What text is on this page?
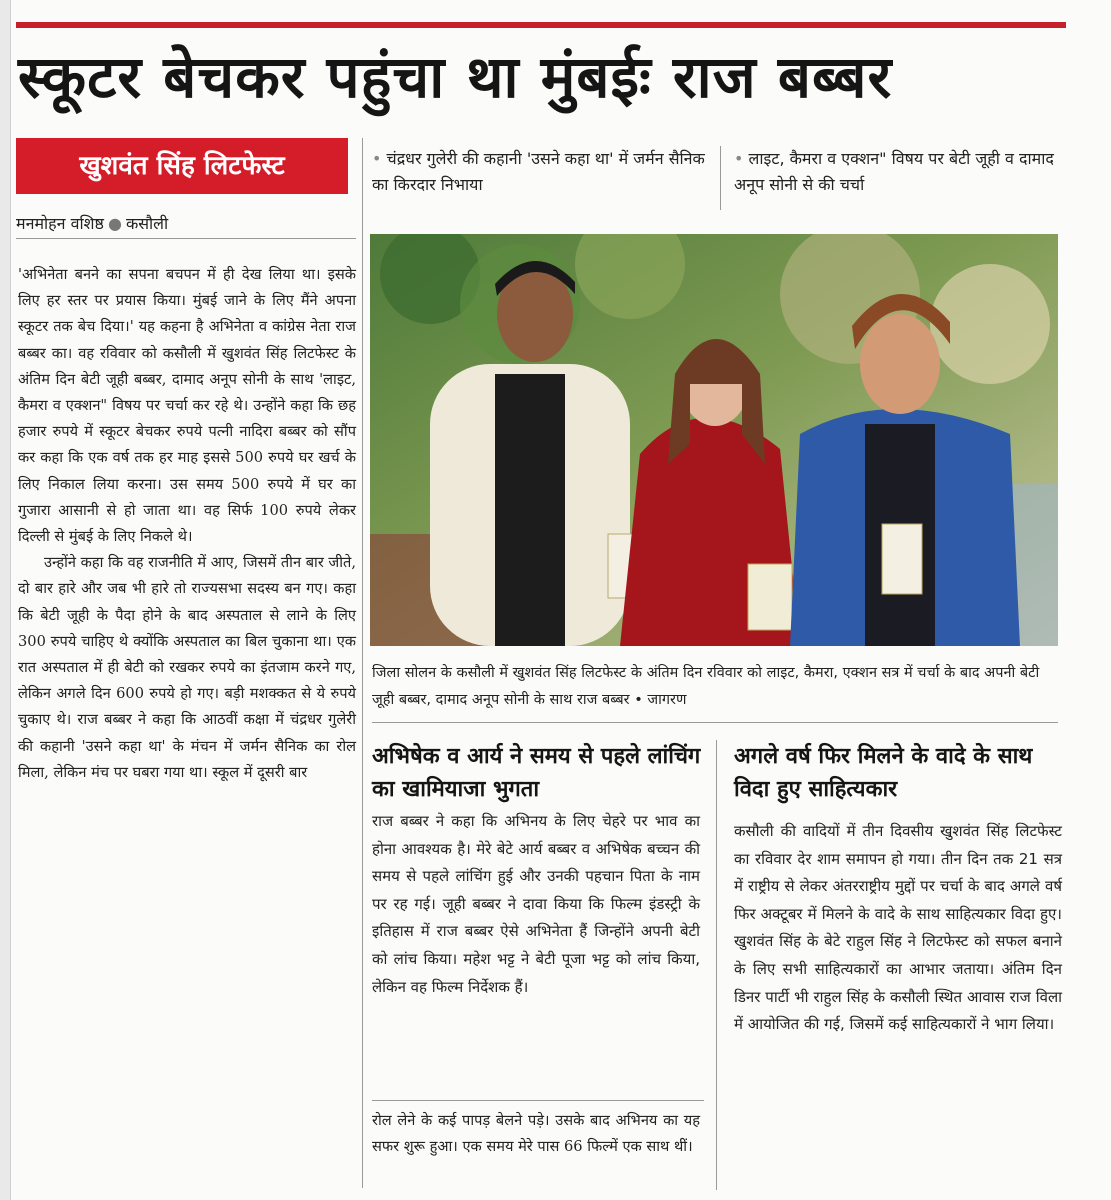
स्कूटर बेचकर पहुंचा था मुंबईः राज बब्बर
खुशवंत सिंह लिटफेस्ट
मनमोहन वशिष्ठ ● कसौली

'अभिनेता बनने का सपना बचपन में ही देख लिया था। इसके लिए हर स्तर पर प्रयास किया। मुंबई जाने के लिए मैंने अपना स्कूटर तक बेच दिया।' यह कहना है अभिनेता व कांग्रेस नेता राज बब्बर का। वह रविवार को कसौली में खुशवंत सिंह लिटफेस्ट के अंतिम दिन बेटी जूही बब्बर, दामाद अनूप सोनी के साथ 'लाइट, कैमरा व एक्शन" विषय पर चर्चा कर रहे थे। उन्होंने कहा कि छह हजार रुपये में स्कूटर बेचकर रुपये पत्नी नादिरा बब्बर को सौंप कर कहा कि एक वर्ष तक हर माह इससे 500 रुपये घर खर्च के लिए निकाल लिया करना। उस समय 500 रुपये में घर का गुजारा आसानी से हो जाता था। वह सिर्फ 100 रुपये लेकर दिल्ली से मुंबई के लिए निकले थे।

उन्होंने कहा कि वह राजनीति में आए, जिसमें तीन बार जीते, दो बार हारे और जब भी हारे तो राज्यसभा सदस्य बन गए। कहा कि बेटी जूही के पैदा होने के बाद अस्पताल से लाने के लिए 300 रुपये चाहिए थे क्योंकि अस्पताल का बिल चुकाना था। एक रात अस्पताल में ही बेटी को रखकर रुपये का इंतजाम करने गए, लेकिन अगले दिन 600 रुपये हो गए। बड़ी मशक्कत से ये रुपये चुकाए थे। राज बब्बर ने कहा कि आठवीं कक्षा में चंद्रधर गुलेरी की कहानी 'उसने कहा था' के मंचन में जर्मन सैनिक का रोल मिला, लेकिन मंच पर घबरा गया था। स्कूल में दूसरी बार

• चंद्रधर गुलेरी की कहानी 'उसने कहा था' में जर्मन सैनिक का किरदार निभाया
• लाइट, कैमरा व एक्शन" विषय पर बेटी जूही व दामाद अनूप सोनी से की चर्चा
जिला सोलन के कसौली में खुशवंत सिंह लिटफेस्ट के अंतिम दिन रविवार को लाइट, कैमरा, एक्शन सत्र में चर्चा के बाद अपनी बेटी जूही बब्बर, दामाद अनूप सोनी के साथ राज बब्बर • जागरण
अभिषेक व आर्य ने समय से पहले लांचिंग का खामियाजा भुगता
राज बब्बर ने कहा कि अभिनय के लिए चेहरे पर भाव का होना आवश्यक है। मेरे बेटे आर्य बब्बर व अभिषेक बच्चन की समय से पहले लांचिंग हुई और उनकी पहचान पिता के नाम पर रह गई। जूही बब्बर ने दावा किया कि फिल्म इंडस्ट्री के इतिहास में राज बब्बर ऐसे अभिनेता हैं जिन्होंने अपनी बेटी को लांच किया। महेश भट्ट ने बेटी पूजा भट्ट को लांच किया, लेकिन वह फिल्म निर्देशक हैं।
रोल लेने के कई पापड़ बेलने पड़े। उसके बाद अभिनय का यह सफर शुरू हुआ। एक समय मेरे पास 66 फिल्में एक साथ थीं।
अगले वर्ष फिर मिलने के वादे के साथ विदा हुए साहित्यकार
कसौली की वादियों में तीन दिवसीय खुशवंत सिंह लिटफेस्ट का रविवार देर शाम समापन हो गया। तीन दिन तक 21 सत्र में राष्ट्रीय से लेकर अंतरराष्ट्रीय मुद्दों पर चर्चा के बाद अगले वर्ष फिर अक्टूबर में मिलने के वादे के साथ साहित्यकार विदा हुए। खुशवंत सिंह के बेटे राहुल सिंह ने लिटफेस्ट को सफल बनाने के लिए सभी साहित्यकारों का आभार जताया। अंतिम दिन डिनर पार्टी भी राहुल सिंह के कसौली स्थित आवास राज विला में आयोजित की गई, जिसमें कई साहित्यकारों ने भाग लिया।
